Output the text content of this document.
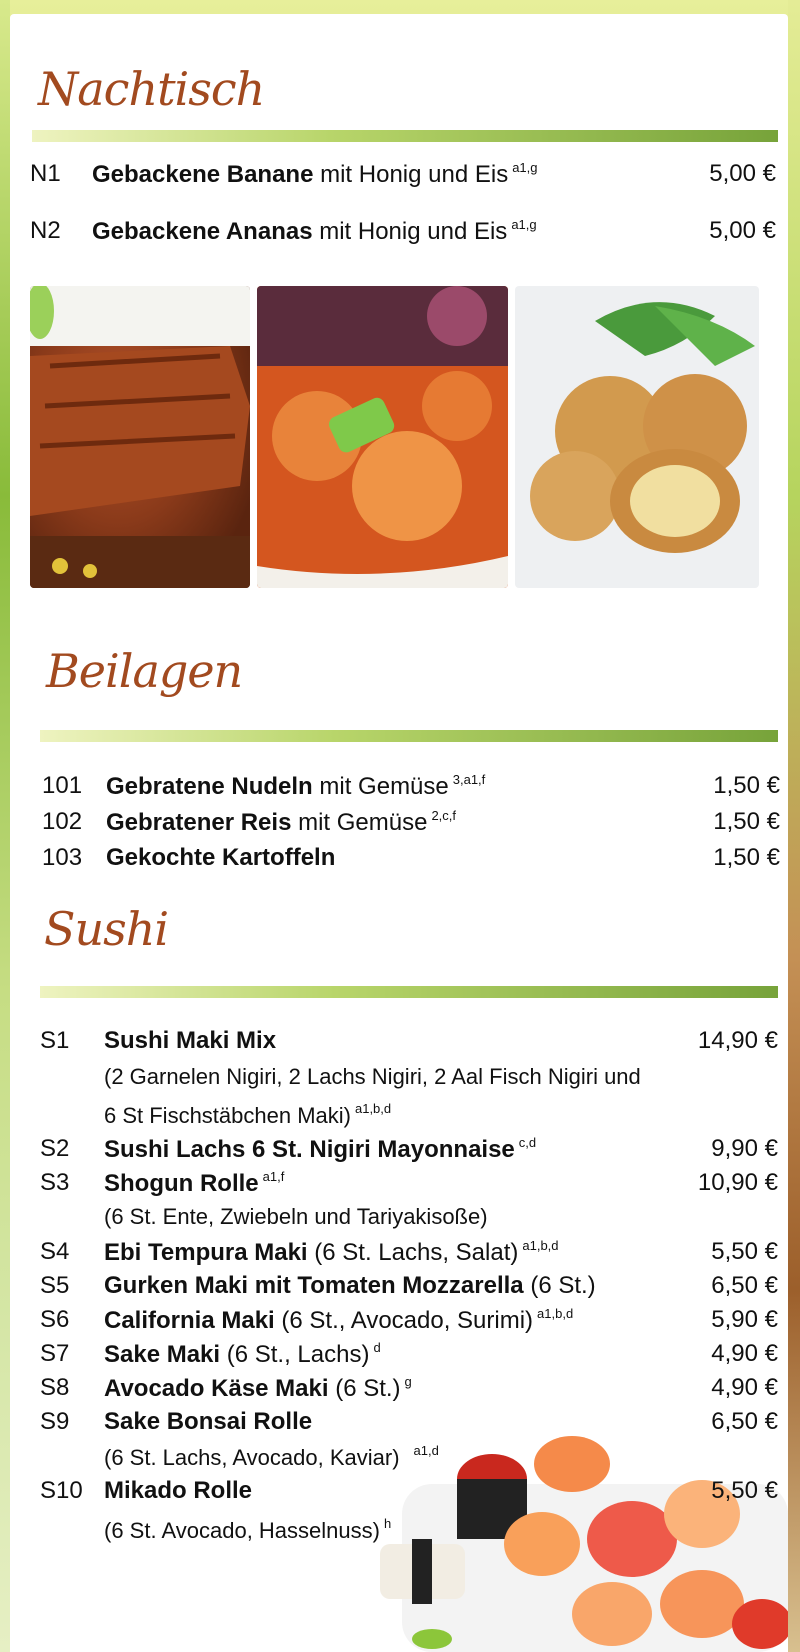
Nachtisch
N1 Gebackene Banane mit Honig und Eis $^{a1,g}$	5,00 €
N2 Gebackene Ananas mit Honig und Eis $^{a1,g}$	5,00 €
Beilagen
101 Gebratene Nudeln mit Gemüse $^{3,a1,f}$	1,50 €
102 Gebratener Reis mit Gemüse $^{2,c,f}$	1,50 €
103 Gekochte Kartoffeln	1,50 €
Sushi
S1 Sushi Maki Mix	14,90 €
(2 Garnelen Nigiri, 2 Lachs Nigiri, 2 Aal Fisch Nigiri und
6 St Fischstäbchen Maki) $^{a1,b,d}$
S2 Sushi Lachs 6 St. Nigiri Mayonnaise $^{c,d}$	9,90 €
S3 Shogun Rolle $^{a1,f}$	10,90 €
(6 St. Ente, Zwiebeln und Tariyakisoße)
S4 Ebi Tempura Maki (6 St. Lachs, Salat) $^{a1,b,d}$	5,50 €
S5 Gurken Maki mit Tomaten Mozzarella (6 St.)	6,50 €
S6 California Maki (6 St., Avocado, Surimi) $^{a1,b,d}$	5,90 €
S7 Sake Maki (6 St., Lachs) $^d$	4,90 €
S8 Avocado Käse Maki (6 St.) $^g$	4,90 €
S9 Sake Bonsai Rolle	6,50 €
(6 St. Lachs, Avocado, Kaviar) $^{a1,d}$
S10 Mikado Rolle	5,50 €
(6 St. Avocado, Hasselnuss) $^h$
